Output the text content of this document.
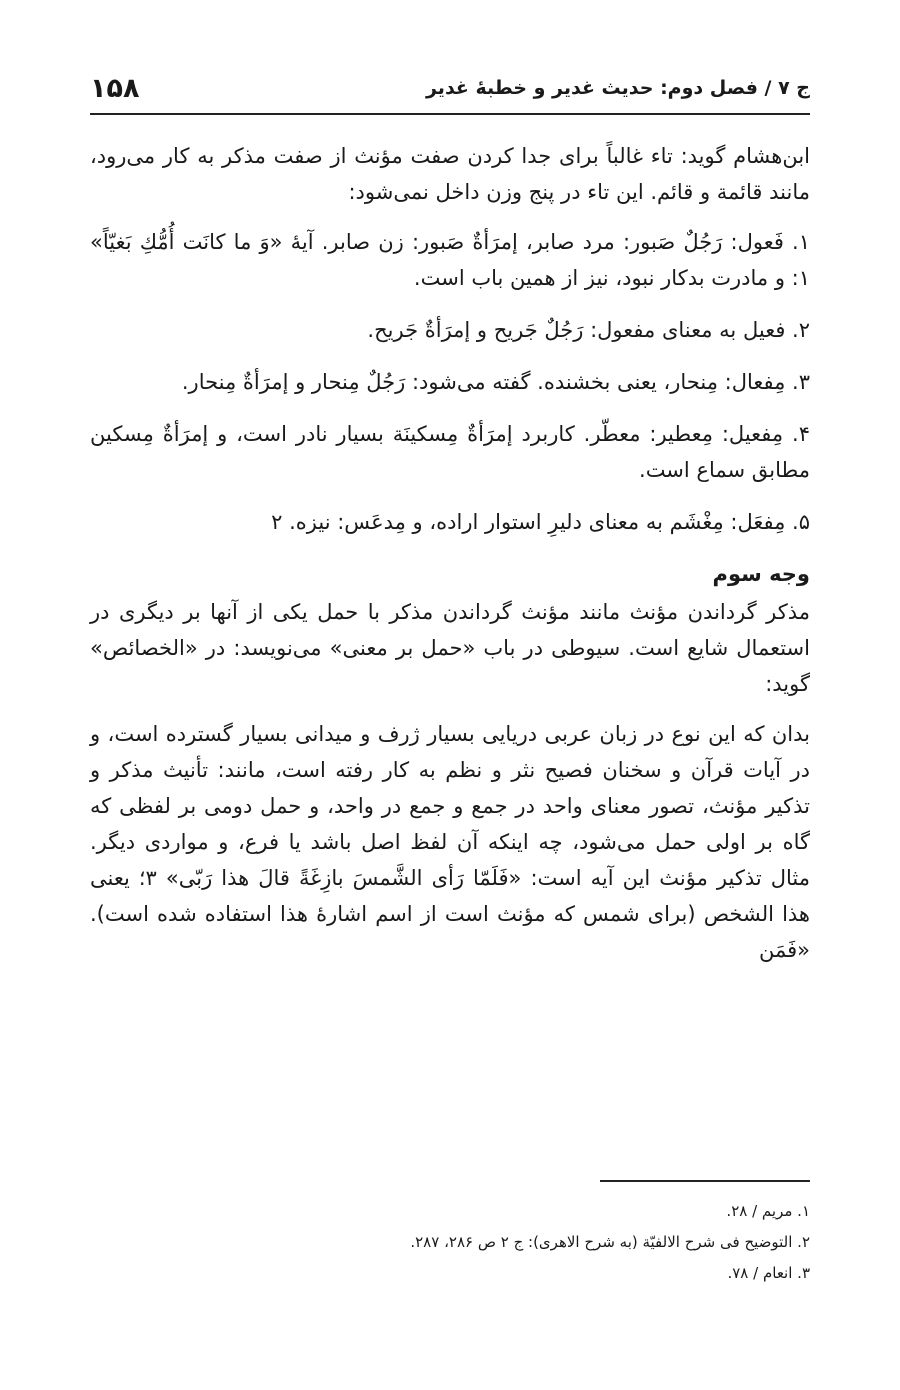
ج ۷ / فصل دوم: حديث غدير و خطبهٔ غدير
۱۵۸

ابن‌هشام گويد: تاء غالباً براى جدا كردن صفت مؤنث از صفت مذكر به كار مى‌رود، مانند قائمة و قائم. اين تاء در پنج وزن داخل نمى‌شود:

۱. فَعول: رَجُلٌ صَبور: مرد صابر، إمرَأةٌ صَبور: زن صابر. آيهٔ «وَ ما كانَت أُمُّكِ بَغيّاً» ۱: و مادرت بدكار نبود، نيز از همين باب است.

۲. فعيل به معناى مفعول: رَجُلٌ جَريح و إمرَأةٌ جَريح.

۳. مِفعال: مِنحار، يعنى بخشنده. گفته مى‌شود: رَجُلٌ مِنحار و إمرَأةٌ مِنحار.

۴. مِفعيل: مِعطير: معطّر. كاربرد إمرَأةٌ مِسكينَة بسيار نادر است، و إمرَأةٌ مِسكين مطابق سماع است.

۵. مِفعَل: مِغْشَم به معناى دليرِ استوار اراده، و مِدعَس: نيزه. ۲

وجه سوم

مذكر گرداندن مؤنث مانند مؤنث گرداندن مذكر با حمل يكى از آنها بر ديگرى در استعمال شايع است. سيوطى در باب «حمل بر معنى» مى‌نويسد: در «الخصائص» گويد:

بدان كه اين نوع در زبان عربى دريايى بسيار ژرف و ميدانى بسيار گسترده است، و در آيات قرآن و سخنان فصيح نثر و نظم به كار رفته است، مانند: تأنيث مذكر و تذكير مؤنث، تصور معناى واحد در جمع و جمع در واحد، و حمل دومى بر لفظى كه گاه بر اولى حمل مى‌شود، چه اينكه آن لفظ اصل باشد يا فرع، و مواردى ديگر. مثال تذكير مؤنث اين آيه است: «فَلَمّا رَأى الشَّمسَ بازِغَةً قالَ هذا رَبّى» ۳؛ يعنى هذا الشخص (براى شمس كه مؤنث است از اسم اشارهٔ هذا استفاده شده است). «فَمَن

۱. مريم / ۲۸.
۲. التوضيح فى شرح الالفيّة (به شرح الاهرى): ج ۲ ص ۲۸۶، ۲۸۷.
۳. انعام / ۷۸.
